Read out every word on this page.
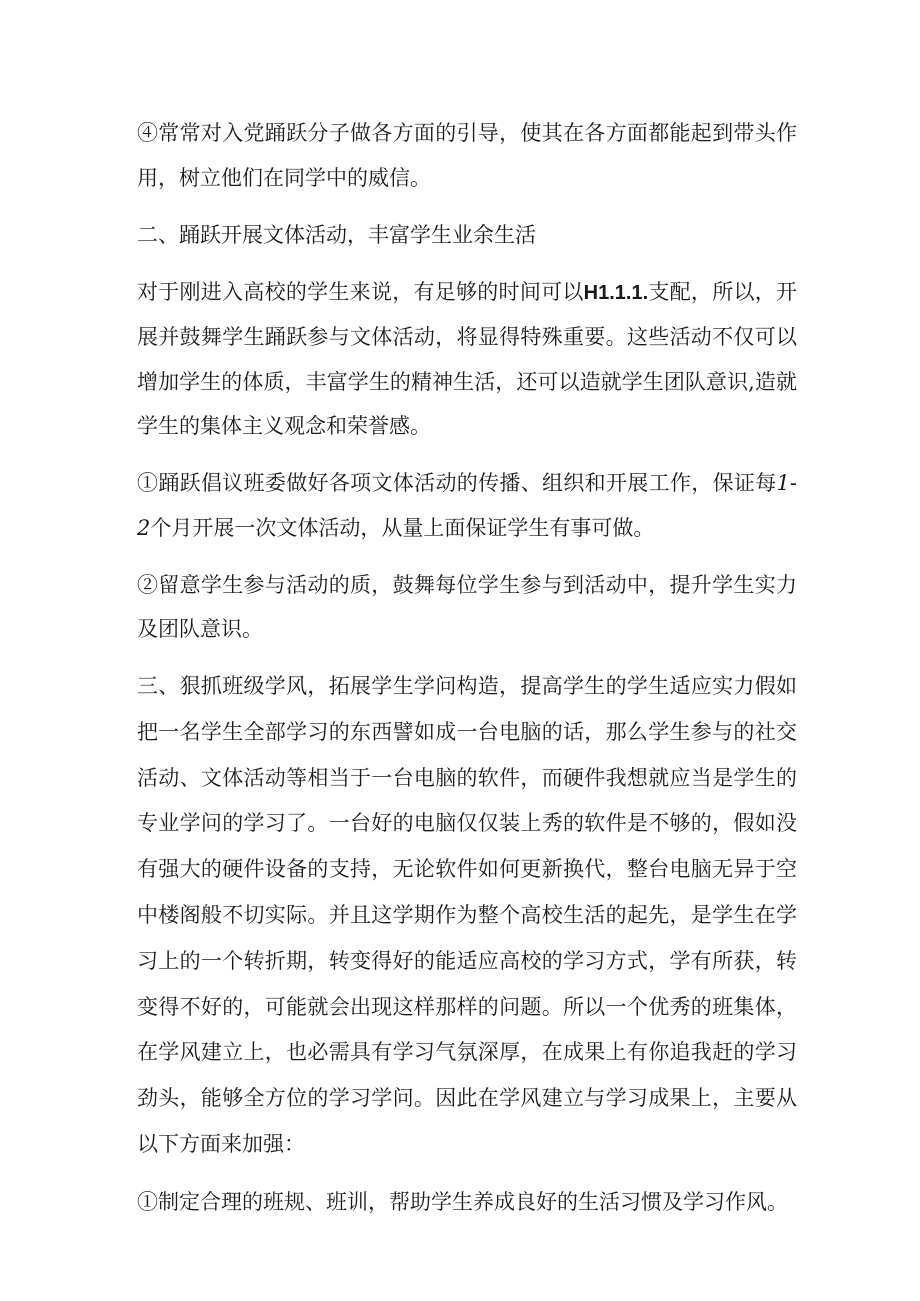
④常常对入党踊跃分子做各方面的引导，使其在各方面都能起到带头作用，树立他们在同学中的威信。

二、踊跃开展文体活动，丰富学生业余生活

对于刚进入高校的学生来说，有足够的时间可以H1.1.1.支配，所以，开展并鼓舞学生踊跃参与文体活动，将显得特殊重要。这些活动不仅可以增加学生的体质，丰富学生的精神生活，还可以造就学生团队意识,造就学生的集体主义观念和荣誉感。

①踊跃倡议班委做好各项文体活动的传播、组织和开展工作，保证每1-2个月开展一次文体活动，从量上面保证学生有事可做。

②留意学生参与活动的质，鼓舞每位学生参与到活动中，提升学生实力及团队意识。

三、狠抓班级学风，拓展学生学问构造，提高学生的学生适应实力假如把一名学生全部学习的东西譬如成一台电脑的话，那么学生参与的社交活动、文体活动等相当于一台电脑的软件，而硬件我想就应当是学生的专业学问的学习了。一台好的电脑仅仅装上秀的软件是不够的，假如没有强大的硬件设备的支持，无论软件如何更新换代，整台电脑无异于空中楼阁般不切实际。并且这学期作为整个高校生活的起先，是学生在学习上的一个转折期，转变得好的能适应高校的学习方式，学有所获，转变得不好的，可能就会出现这样那样的问题。所以一个优秀的班集体，在学风建立上，也必需具有学习气氛深厚，在成果上有你追我赶的学习劲头，能够全方位的学习学问。因此在学风建立与学习成果上，主要从以下方面来加强：

①制定合理的班规、班训，帮助学生养成良好的生活习惯及学习作风。
